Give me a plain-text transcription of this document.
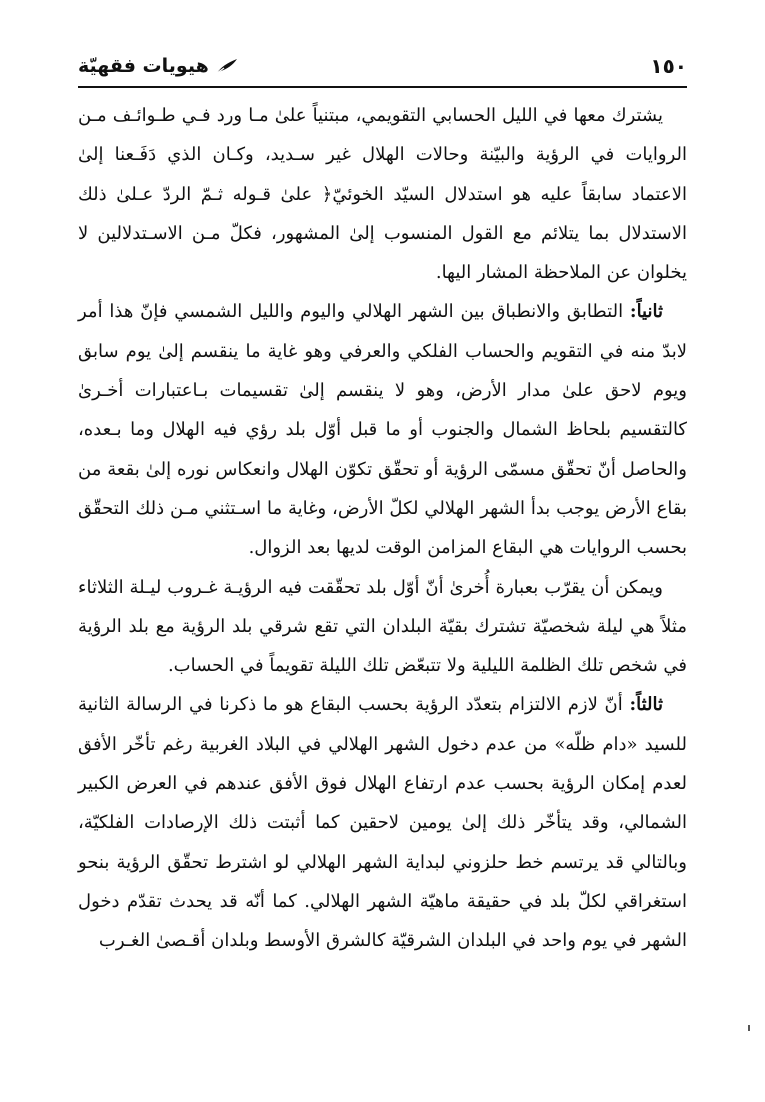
هيويات فقهيّة	١٥٠

يشترك معها في الليل الحسابي التقويمي، مبتنياً علىٰ مـا ورد فـي طـوائـف مـن الروايات في الرؤية والبيّنة وحالات الهلال غير سـديد، وكـان الذي دَفَـعنا إلىٰ الاعتماد سابقاً عليه هو استدلال السيّد الخوئيّ﴿ علىٰ قـوله ثـمّ الردّ عـلىٰ ذلك الاستدلال بما يتلائم مع القول المنسوب إلىٰ المشهور، فكلّ مـن الاسـتدلالين لا يخلوان عن الملاحظة المشار اليها.

ثانياً: التطابق والانطباق بين الشهر الهلالي واليوم والليل الشمسي فإنّ هذا أمر لابدّ منه في التقويم والحساب الفلكي والعرفي وهو غاية ما ينقسم إلىٰ يوم سابق ويوم لاحق علىٰ مدار الأرض، وهو لا ينقسم إلىٰ تقسيمات بـاعتبارات أخـرىٰ كالتقسيم بلحاظ الشمال والجنوب أو ما قبل أوّل بلد رؤي فيه الهلال وما بـعده، والحاصل أنّ تحقّق مسمّى الرؤية أو تحقّق تكوّن الهلال وانعكاس نوره إلىٰ بقعة من بقاع الأرض يوجب بدأ الشهر الهلالي لكلّ الأرض، وغاية ما اسـتثني مـن ذلك التحقّق بحسب الروايات هي البقاع المزامن الوقت لديها بعد الزوال.

ويمكن أن يقرّب بعبارة أُخرىٰ أنّ أوّل بلد تحقّقت فيه الرؤيـة غـروب ليـلة الثلاثاء مثلاً هي ليلة شخصيّة تشترك بقيّة البلدان التي تقع شرقي بلد الرؤية مع بلد الرؤية في شخص تلك الظلمة الليلية ولا تتبعّض تلك الليلة تقويماً في الحساب.

ثالثاً: أنّ لازم الالتزام بتعدّد الرؤية بحسب البقاع هو ما ذكرنا في الرسالة الثانية للسيد «دام ظلّه» من عدم دخول الشهر الهلالي في البلاد الغربية رغم تأخّر الأفق لعدم إمكان الرؤية بحسب عدم ارتفاع الهلال فوق الأفق عندهم في العرض الكبير الشمالي، وقد يتأخّر ذلك إلىٰ يومين لاحقين كما أثبتت ذلك الإرصادات الفلكيّة، وبالتالي قد يرتسم خط حلزوني لبداية الشهر الهلالي لو اشترط تحقّق الرؤية بنحو استغراقي لكلّ بلد في حقيقة ماهيّة الشهر الهلالي. كما أنّه قد يحدث تقدّم دخول الشهر في يوم واحد في البلدان الشرقيّة كالشرق الأوسط وبلدان أقـصىٰ الغـرب
